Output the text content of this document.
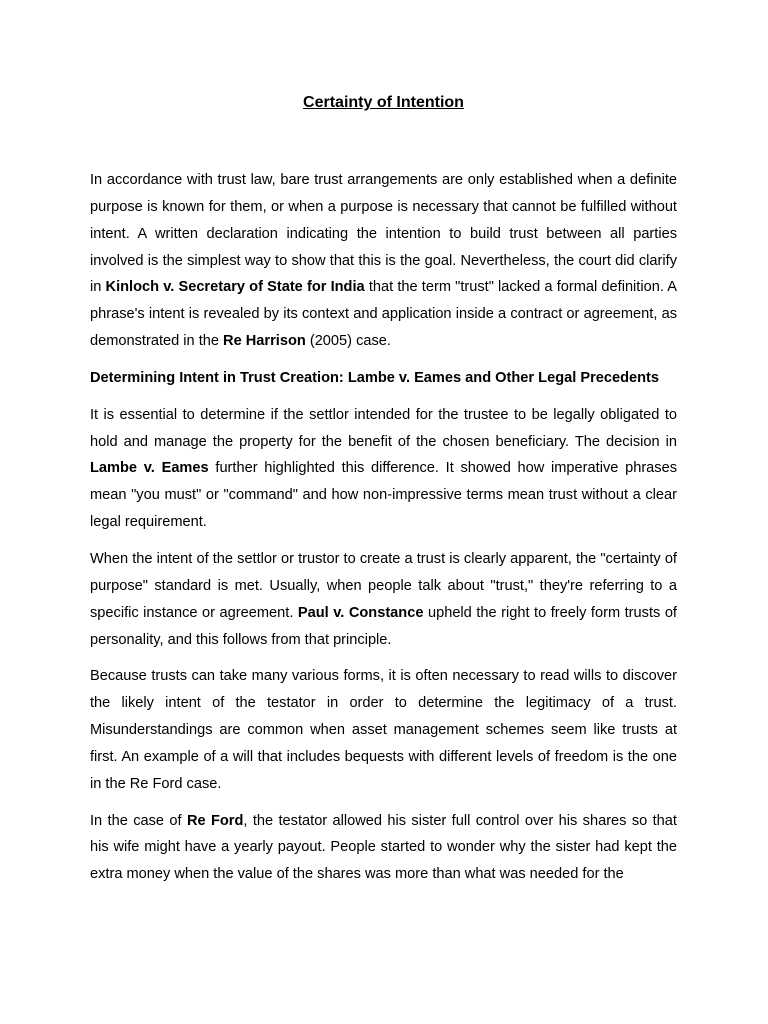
Certainty of Intention

In accordance with trust law, bare trust arrangements are only established when a definite purpose is known for them, or when a purpose is necessary that cannot be fulfilled without intent. A written declaration indicating the intention to build trust between all parties involved is the simplest way to show that this is the goal. Nevertheless, the court did clarify in Kinloch v. Secretary of State for India that the term "trust" lacked a formal definition. A phrase's intent is revealed by its context and application inside a contract or agreement, as demonstrated in the Re Harrison (2005) case.

Determining Intent in Trust Creation: Lambe v. Eames and Other Legal Precedents

It is essential to determine if the settlor intended for the trustee to be legally obligated to hold and manage the property for the benefit of the chosen beneficiary. The decision in Lambe v. Eames further highlighted this difference. It showed how imperative phrases mean "you must" or "command" and how non-impressive terms mean trust without a clear legal requirement.

When the intent of the settlor or trustor to create a trust is clearly apparent, the "certainty of purpose" standard is met. Usually, when people talk about "trust," they're referring to a specific instance or agreement. Paul v. Constance upheld the right to freely form trusts of personality, and this follows from that principle.

Because trusts can take many various forms, it is often necessary to read wills to discover the likely intent of the testator in order to determine the legitimacy of a trust. Misunderstandings are common when asset management schemes seem like trusts at first. An example of a will that includes bequests with different levels of freedom is the one in the Re Ford case.

In the case of Re Ford, the testator allowed his sister full control over his shares so that his wife might have a yearly payout. People started to wonder why the sister had kept the extra money when the value of the shares was more than what was needed for the
